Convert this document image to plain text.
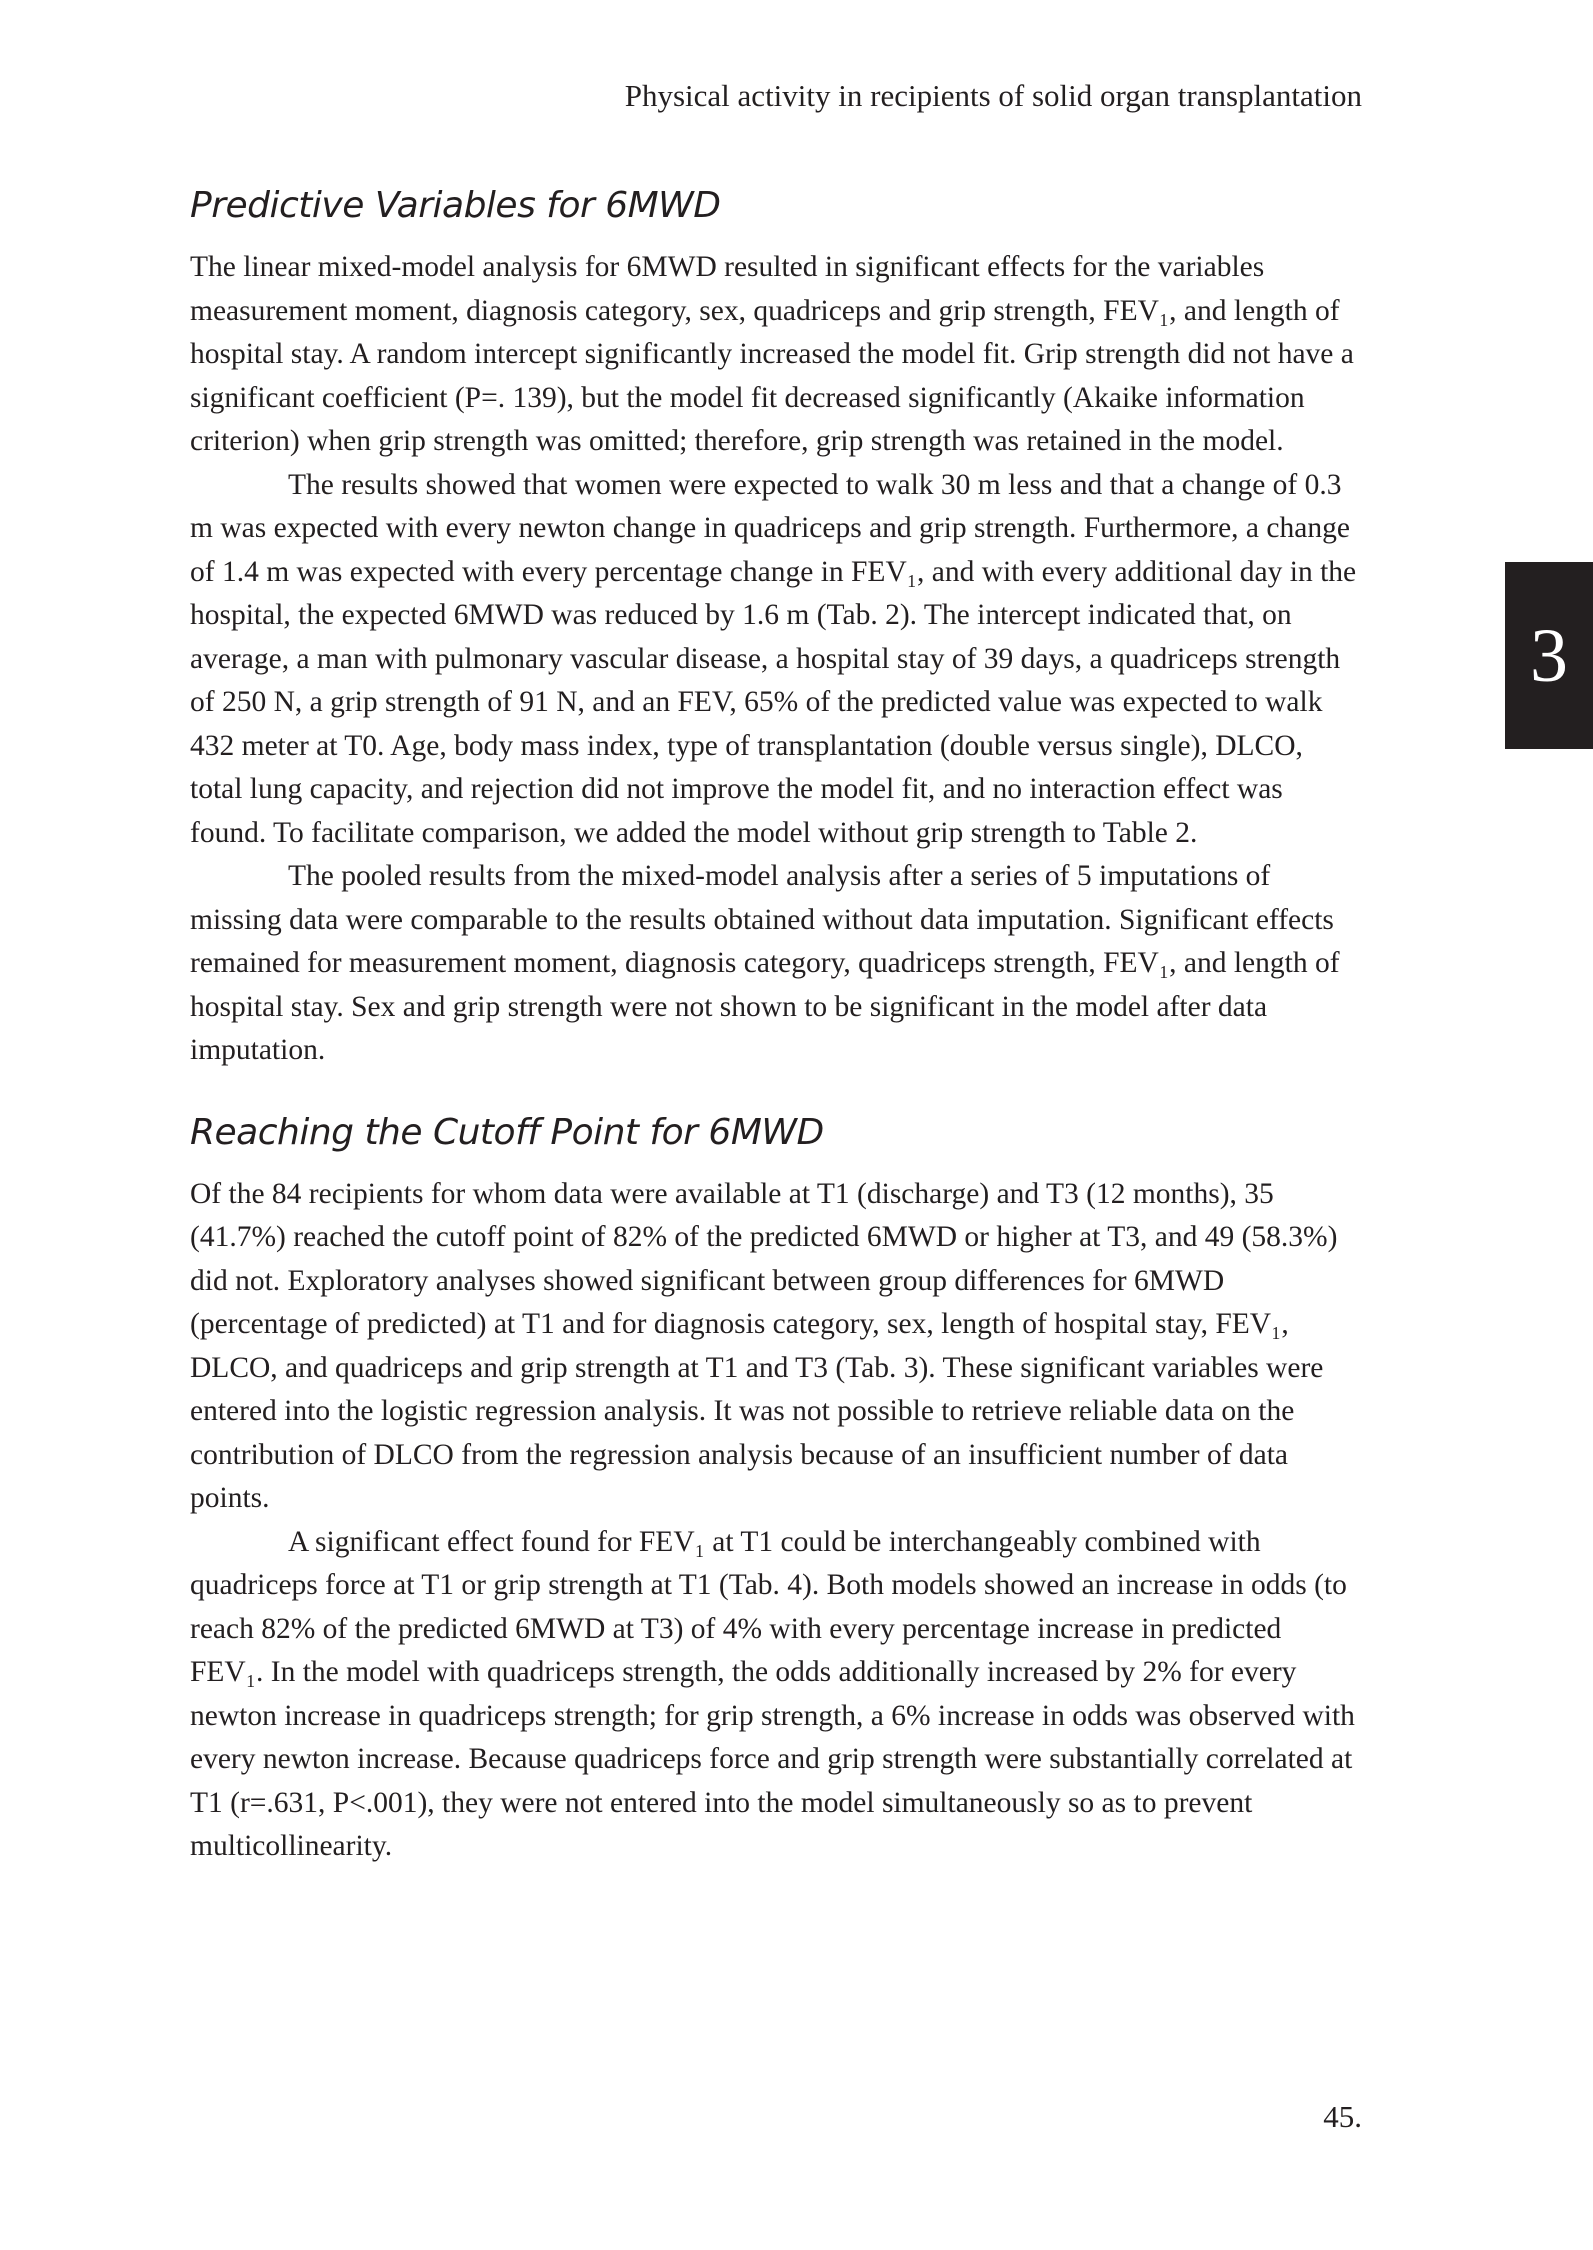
Physical activity in recipients of solid organ transplantation
3
Predictive Variables for 6MWD

The linear mixed-model analysis for 6MWD resulted in significant effects for the variables measurement moment, diagnosis category, sex, quadriceps and grip strength, FEV₁, and length of hospital stay. A random intercept significantly increased the model fit. Grip strength did not have a significant coefficient (P=. 139), but the model fit decreased significantly (Akaike information criterion) when grip strength was omitted; therefore, grip strength was retained in the model.

The results showed that women were expected to walk 30 m less and that a change of 0.3 m was expected with every newton change in quadriceps and grip strength. Furthermore, a change of 1.4 m was expected with every percentage change in FEV₁, and with every additional day in the hospital, the expected 6MWD was reduced by 1.6 m (Tab. 2). The intercept indicated that, on average, a man with pulmonary vascular disease, a hospital stay of 39 days, a quadriceps strength of 250 N, a grip strength of 91 N, and an FEV, 65% of the predicted value was expected to walk 432 meter at T0. Age, body mass index, type of transplantation (double versus single), DLCO, total lung capacity, and rejection did not improve the model fit, and no interaction effect was found. To facilitate comparison, we added the model without grip strength to Table 2.

The pooled results from the mixed-model analysis after a series of 5 imputations of missing data were comparable to the results obtained without data imputation. Significant effects remained for measurement moment, diagnosis category, quadriceps strength, FEV₁, and length of hospital stay. Sex and grip strength were not shown to be significant in the model after data imputation.

Reaching the Cutoff Point for 6MWD

Of the 84 recipients for whom data were available at T1 (discharge) and T3 (12 months), 35 (41.7%) reached the cutoff point of 82% of the predicted 6MWD or higher at T3, and 49 (58.3%) did not. Exploratory analyses showed significant between group differences for 6MWD (percentage of predicted) at T1 and for diagnosis category, sex, length of hospital stay, FEV₁, DLCO, and quadriceps and grip strength at T1 and T3 (Tab. 3). These significant variables were entered into the logistic regression analysis. It was not possible to retrieve reliable data on the contribution of DLCO from the regression analysis because of an insufficient number of data points.

A significant effect found for FEV₁ at T1 could be interchangeably combined with quadriceps force at T1 or grip strength at T1 (Tab. 4). Both models showed an increase in odds (to reach 82% of the predicted 6MWD at T3) of 4% with every percentage increase in predicted FEV₁. In the model with quadriceps strength, the odds additionally increased by 2% for every newton increase in quadriceps strength; for grip strength, a 6% increase in odds was observed with every newton increase. Because quadriceps force and grip strength were substantially correlated at T1 (r=.631, P<.001), they were not entered into the model simultaneously so as to prevent multicollinearity.

45.
